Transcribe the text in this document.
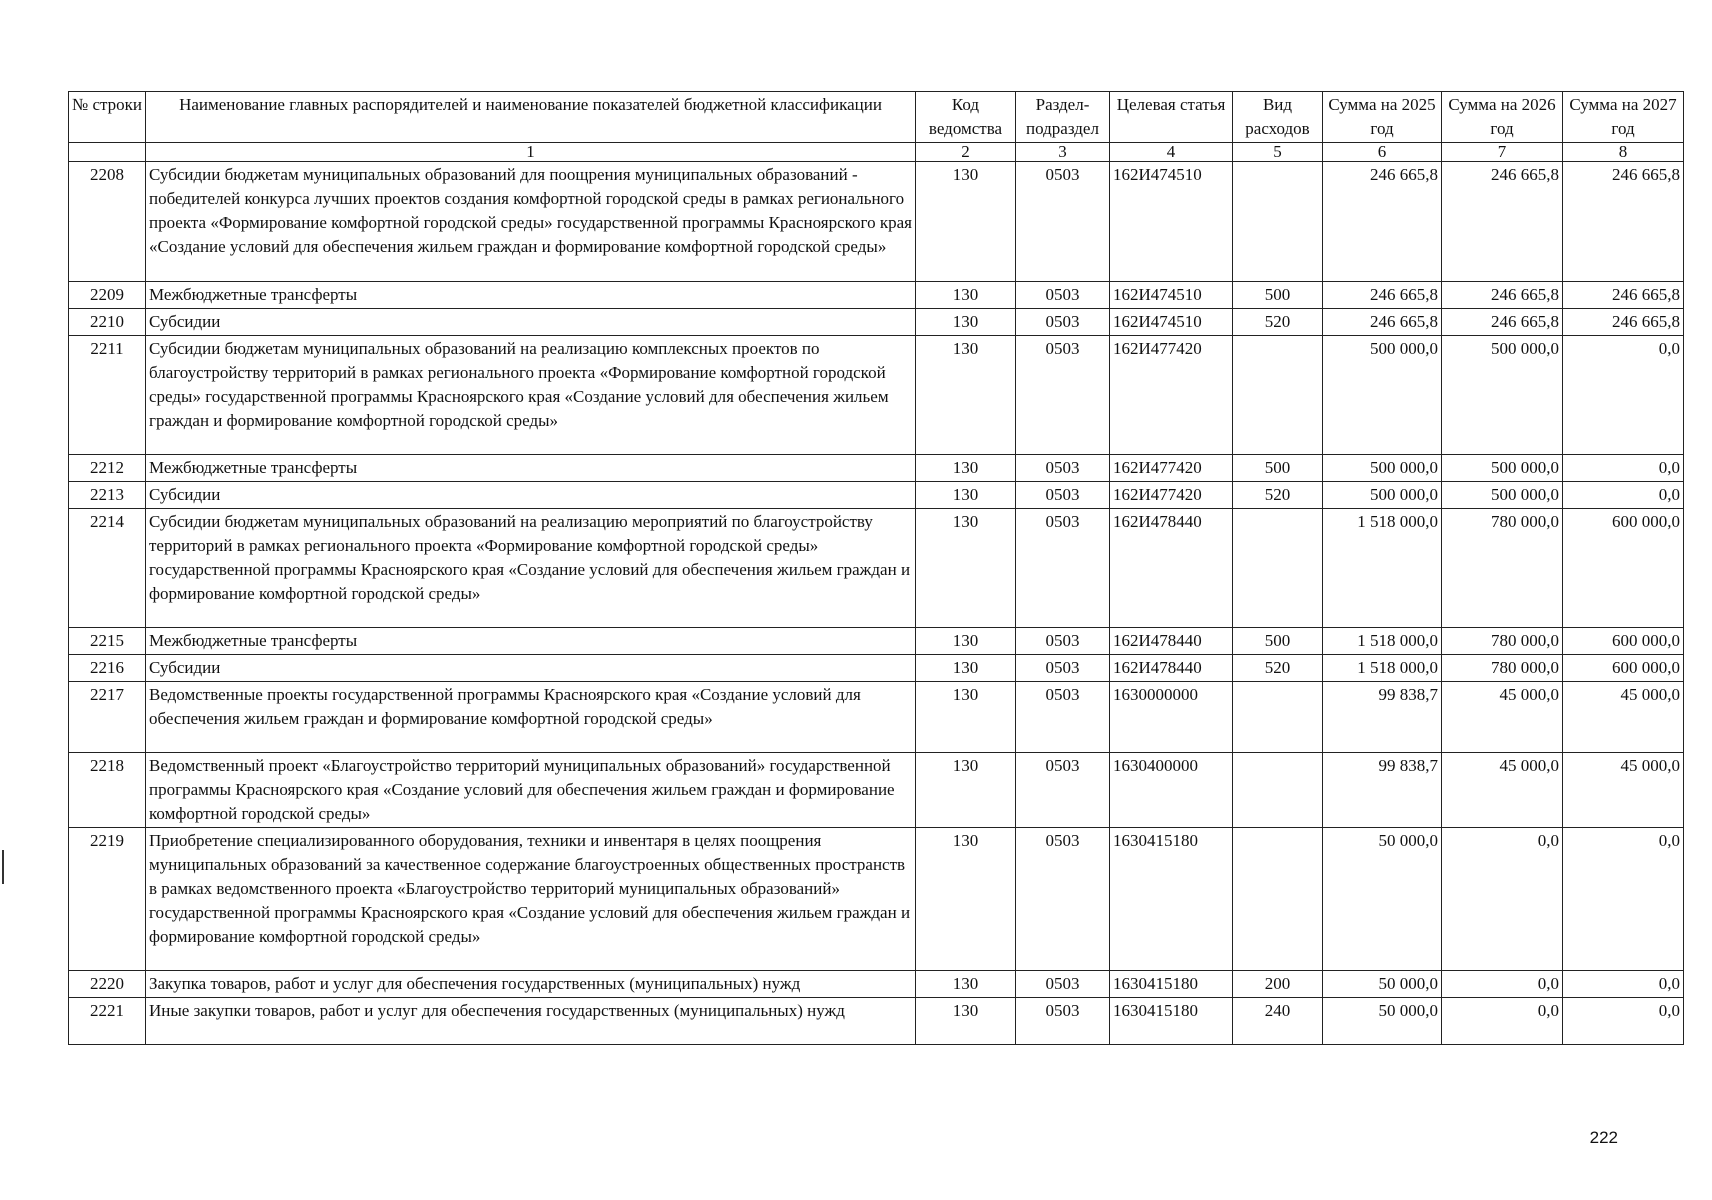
№ строки	Наименование главных распорядителей и наименование показателей бюджетной классификации	Код ведомства	Раздел- подраздел	Целевая статья	Вид расходов	Сумма на 2025 год	Сумма на 2026 год	Сумма на 2027 год
	1	2	3	4	5	6	7	8
2208	Субсидии бюджетам муниципальных образований для поощрения муниципальных образований - победителей конкурса лучших проектов создания комфортной городской среды в рамках регионального проекта «Формирование комфортной городской среды» государственной программы Красноярского края «Создание условий для обеспечения жильем граждан и формирование комфортной городской среды»	130	0503	162И474510		246 665,8	246 665,8	246 665,8
2209	Межбюджетные трансферты	130	0503	162И474510	500	246 665,8	246 665,8	246 665,8
2210	Субсидии	130	0503	162И474510	520	246 665,8	246 665,8	246 665,8
2211	Субсидии бюджетам муниципальных образований на реализацию комплексных проектов по благоустройству территорий в рамках регионального проекта «Формирование комфортной городской среды» государственной программы Красноярского края «Создание условий для обеспечения жильем граждан и формирование комфортной городской среды»	130	0503	162И477420		500 000,0	500 000,0	0,0
2212	Межбюджетные трансферты	130	0503	162И477420	500	500 000,0	500 000,0	0,0
2213	Субсидии	130	0503	162И477420	520	500 000,0	500 000,0	0,0
2214	Субсидии бюджетам муниципальных образований на реализацию мероприятий по благоустройству территорий в рамках регионального проекта «Формирование комфортной городской среды» государственной программы Красноярского края «Создание условий для обеспечения жильем граждан и формирование комфортной городской среды»	130	0503	162И478440		1 518 000,0	780 000,0	600 000,0
2215	Межбюджетные трансферты	130	0503	162И478440	500	1 518 000,0	780 000,0	600 000,0
2216	Субсидии	130	0503	162И478440	520	1 518 000,0	780 000,0	600 000,0
2217	Ведомственные проекты государственной программы Красноярского края «Создание условий для обеспечения жильем граждан и формирование комфортной городской среды»	130	0503	1630000000		99 838,7	45 000,0	45 000,0
2218	Ведомственный проект «Благоустройство территорий муниципальных образований» государственной программы Красноярского края «Создание условий для обеспечения жильем граждан и формирование комфортной городской среды»	130	0503	1630400000		99 838,7	45 000,0	45 000,0
2219	Приобретение специализированного оборудования, техники и инвентаря в целях поощрения муниципальных образований за качественное содержание благоустроенных общественных пространств в рамках ведомственного проекта «Благоустройство территорий муниципальных образований» государственной программы Красноярского края «Создание условий для обеспечения жильем граждан и формирование комфортной городской среды»	130	0503	1630415180		50 000,0	0,0	0,0
2220	Закупка товаров, работ и услуг для обеспечения государственных (муниципальных) нужд	130	0503	1630415180	200	50 000,0	0,0	0,0
2221	Иные закупки товаров, работ и услуг для обеспечения государственных (муниципальных) нужд	130	0503	1630415180	240	50 000,0	0,0	0,0
222
